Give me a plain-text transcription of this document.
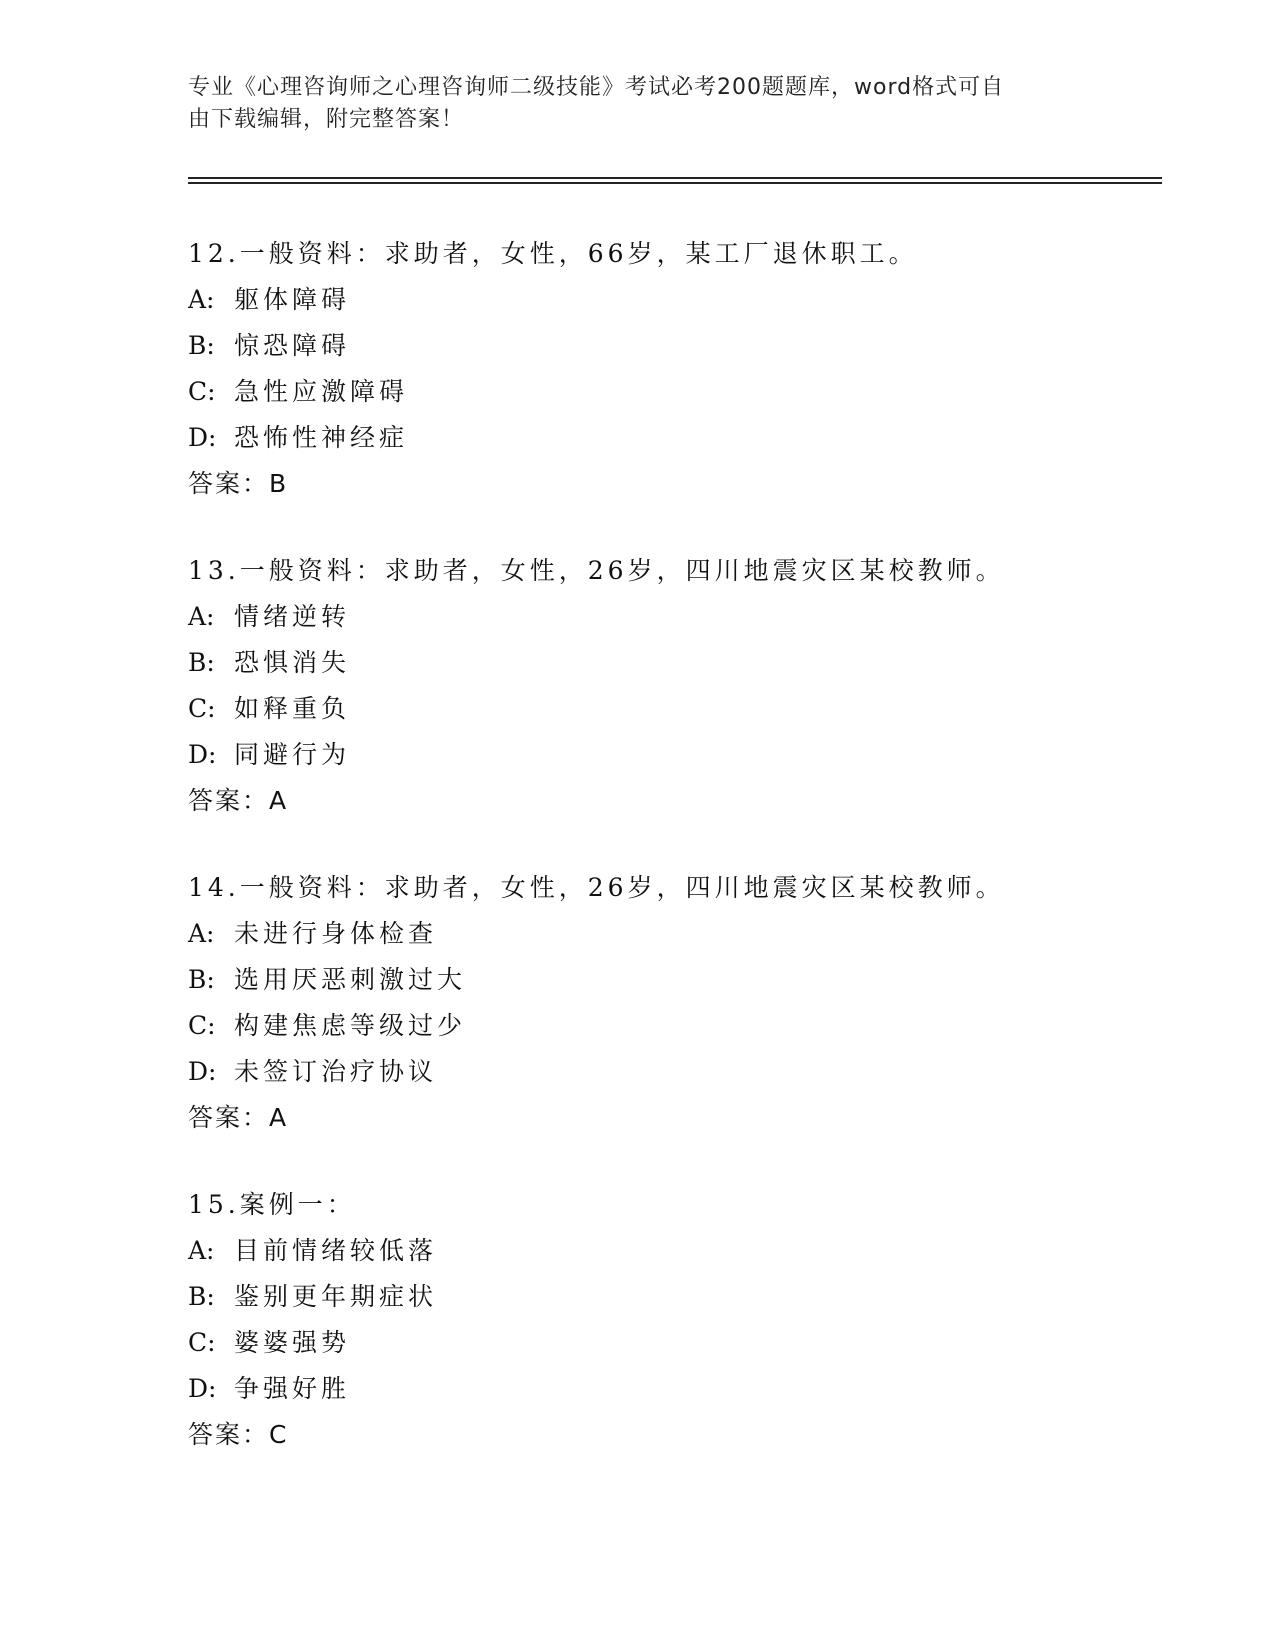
专业《心理咨询师之心理咨询师二级技能》考试必考200题题库，word格式可自
由下载编辑，附完整答案！
12.一般资料：求助者，女性，66岁，某工厂退休职工。
A: 躯体障碍
B: 惊恐障碍
C: 急性应激障碍
D: 恐怖性神经症
答案：B
13.一般资料：求助者，女性，26岁，四川地震灾区某校教师。
A: 情绪逆转
B: 恐惧消失
C: 如释重负
D: 同避行为
答案：A
14.一般资料：求助者，女性，26岁，四川地震灾区某校教师。
A: 未进行身体检查
B: 选用厌恶刺激过大
C: 构建焦虑等级过少
D: 未签订治疗协议
答案：A
15.案例一：
A: 目前情绪较低落
B: 鉴别更年期症状
C: 婆婆强势
D: 争强好胜
答案：C
